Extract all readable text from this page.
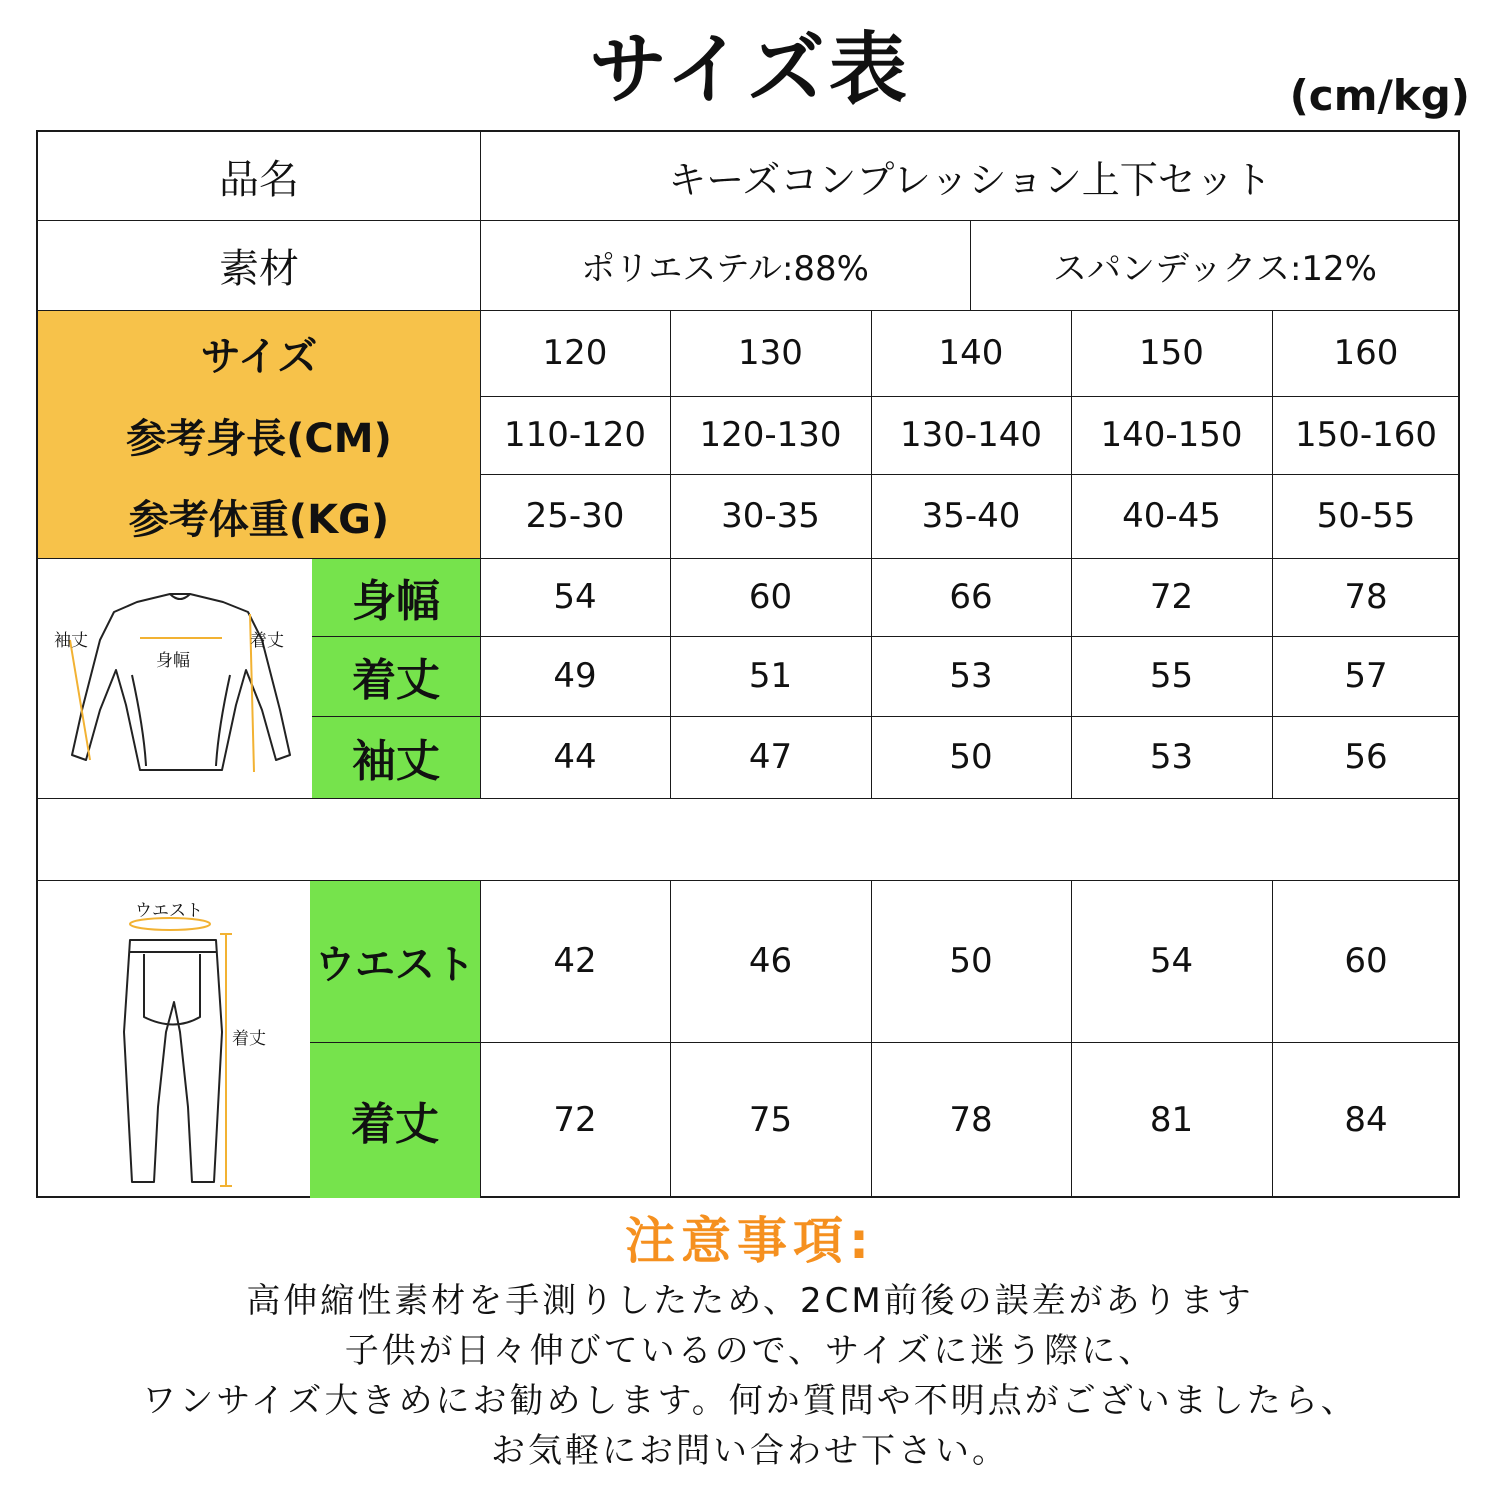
サイズ表	(cm/kg)
品名	キーズコンプレッション上下セット
素材	ポリエステル:88%	スパンデックス:12%
サイズ	120	130	140	150	160
参考身長(CM)	110-120	120-130	130-140	140-150	150-160
参考体重(KG)	25-30	30-35	35-40	40-45	50-55
身幅	54	60	66	72	78
着丈	49	51	53	55	57
袖丈	44	47	50	53	56
ウエスト	42	46	50	54	60
着丈	72	75	78	81	84
袖丈
身幅
着丈
ウエスト
着丈
注意事項:
高伸縮性素材を手測りしたため、2CM前後の誤差があります
子供が日々伸びているので、サイズに迷う際に、
ワンサイズ大きめにお勧めします。何か質問や不明点がございましたら、
お気軽にお問い合わせ下さい。
